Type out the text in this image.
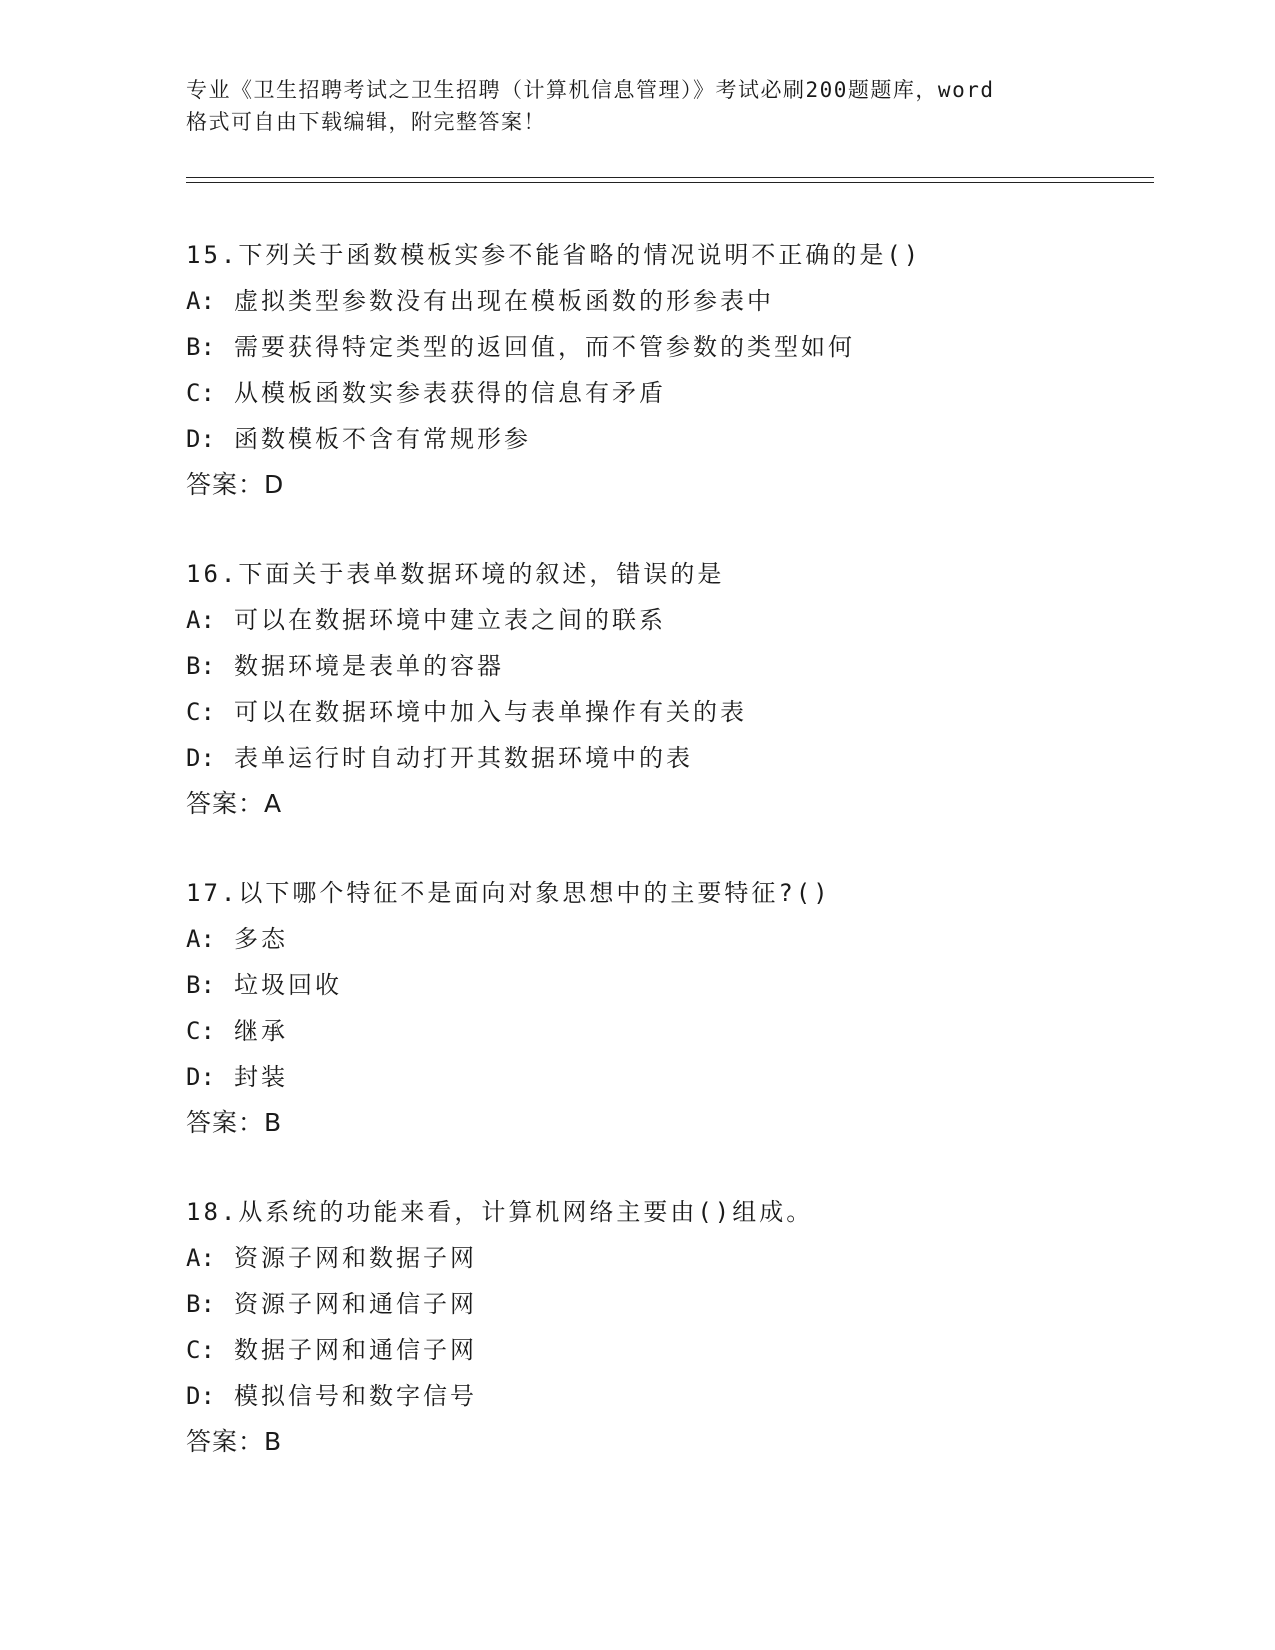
专业《卫生招聘考试之卫生招聘（计算机信息管理）》考试必刷200题题库，word
格式可自由下载编辑，附完整答案！
15.下列关于函数模板实参不能省略的情况说明不正确的是()
A: 虚拟类型参数没有出现在模板函数的形参表中
B: 需要获得特定类型的返回值，而不管参数的类型如何
C: 从模板函数实参表获得的信息有矛盾
D: 函数模板不含有常规形参
答案：D
16.下面关于表单数据环境的叙述，错误的是
A: 可以在数据环境中建立表之间的联系
B: 数据环境是表单的容器
C: 可以在数据环境中加入与表单操作有关的表
D: 表单运行时自动打开其数据环境中的表
答案：A
17.以下哪个特征不是面向对象思想中的主要特征?()
A: 多态
B: 垃圾回收
C: 继承
D: 封装
答案：B
18.从系统的功能来看，计算机网络主要由()组成。
A: 资源子网和数据子网
B: 资源子网和通信子网
C: 数据子网和通信子网
D: 模拟信号和数字信号
答案：B
